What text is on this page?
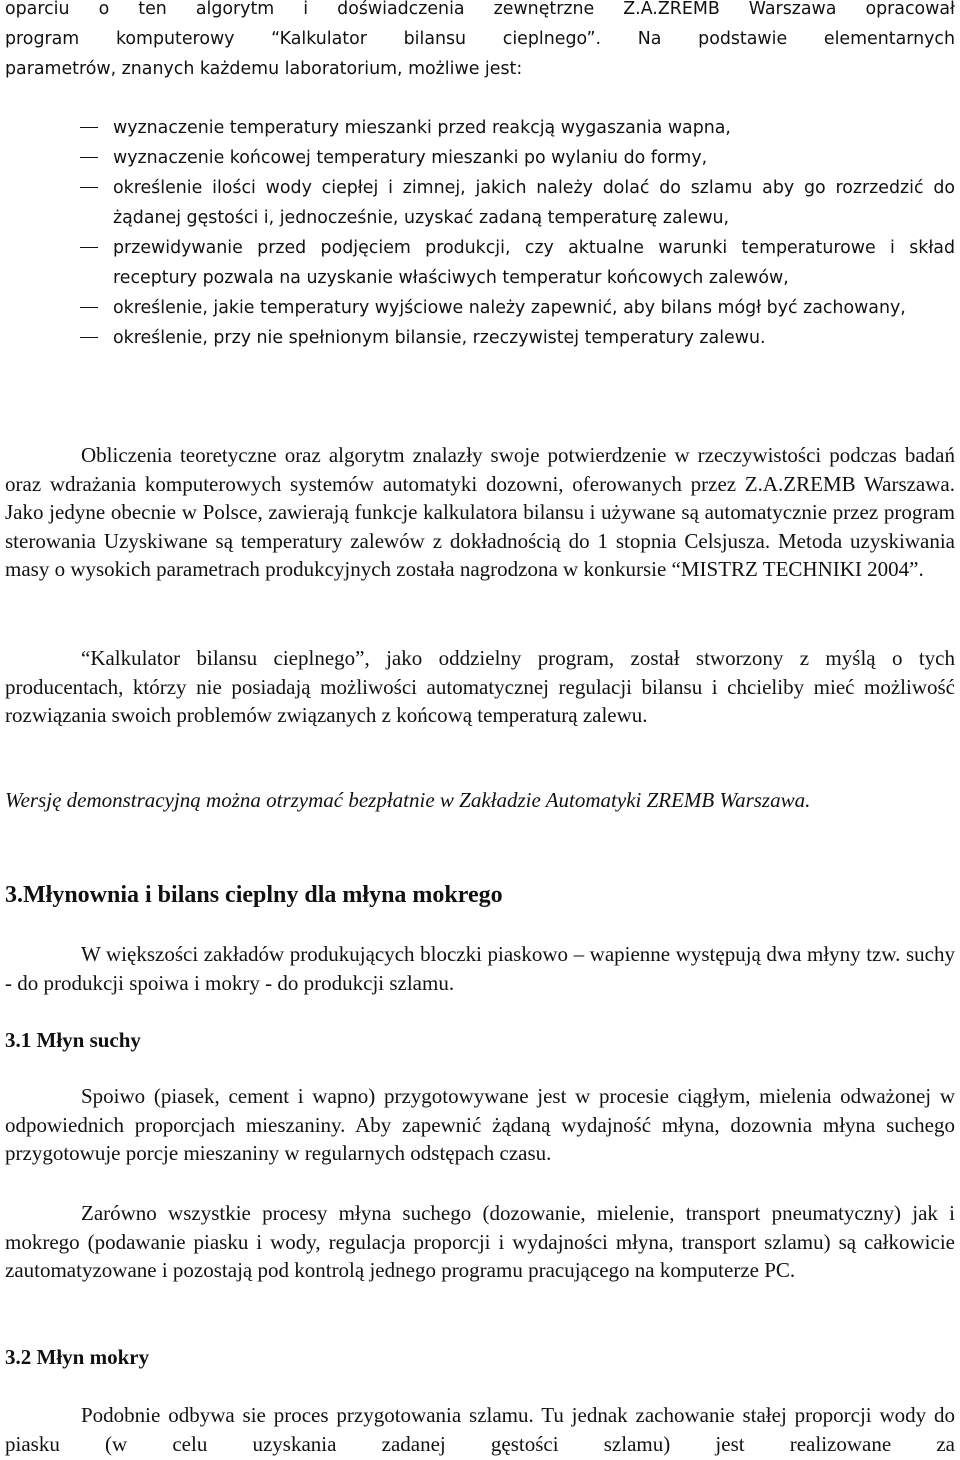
oparciu o ten algorytm i doświadczenia zewnętrzne Z.A.ZREMB Warszawa opracował
program komputerowy “Kalkulator bilansu cieplnego”. Na podstawie elementarnych
parametrów, znanych każdemu laboratorium, możliwe jest:

wyznaczenie temperatury mieszanki przed reakcją wygaszania wapna,
wyznaczenie końcowej temperatury mieszanki po wylaniu do formy,
określenie ilości wody ciepłej i zimnej, jakich należy dolać do szlamu aby go rozrzedzić do żądanej gęstości i, jednocześnie, uzyskać zadaną temperaturę zalewu,
przewidywanie przed podjęciem produkcji, czy aktualne warunki temperaturowe i skład receptury pozwala na uzyskanie właściwych temperatur końcowych zalewów,
określenie, jakie temperatury wyjściowe należy zapewnić, aby bilans mógł być zachowany,
określenie, przy nie spełnionym bilansie, rzeczywistej temperatury zalewu.

Obliczenia teoretyczne oraz algorytm znalazły swoje potwierdzenie w rzeczywistości podczas badań oraz wdrażania komputerowych systemów automatyki dozowni, oferowanych przez Z.A.ZREMB Warszawa. Jako jedyne obecnie w Polsce, zawierają funkcje kalkulatora bilansu i używane są automatycznie przez program sterowania Uzyskiwane są temperatury zalewów z dokładnością do 1 stopnia Celsjusza. Metoda uzyskiwania masy o wysokich parametrach produkcyjnych została nagrodzona w konkursie “MISTRZ TECHNIKI 2004”.

“Kalkulator bilansu cieplnego”, jako oddzielny program, został stworzony z myślą o tych producentach, którzy nie posiadają możliwości automatycznej regulacji bilansu i chcieliby mieć możliwość rozwiązania swoich problemów związanych z końcową temperaturą zalewu.

Wersję demonstracyjną można otrzymać bezpłatnie w Zakładzie Automatyki ZREMB Warszawa.

3.Młynownia i bilans cieplny dla młyna mokrego

W większości zakładów produkujących bloczki piaskowo – wapienne występują dwa młyny tzw. suchy - do produkcji spoiwa i mokry - do produkcji szlamu.

3.1 Młyn suchy

Spoiwo (piasek, cement i wapno) przygotowywane jest w procesie ciągłym, mielenia odważonej w odpowiednich proporcjach mieszaniny. Aby zapewnić żądaną wydajność młyna, dozownia młyna suchego przygotowuje porcje mieszaniny w regularnych odstępach czasu.

Zarówno wszystkie procesy młyna suchego (dozowanie, mielenie, transport pneumatyczny) jak i mokrego (podawanie piasku i wody, regulacja proporcji i wydajności młyna, transport szlamu) są całkowicie zautomatyzowane i pozostają pod kontrolą jednego programu pracującego na komputerze PC.

3.2 Młyn mokry

Podobnie odbywa sie proces przygotowania szlamu. Tu jednak zachowanie stałej proporcji wody do piasku (w celu uzyskania zadanej gęstości szlamu) jest realizowane za
